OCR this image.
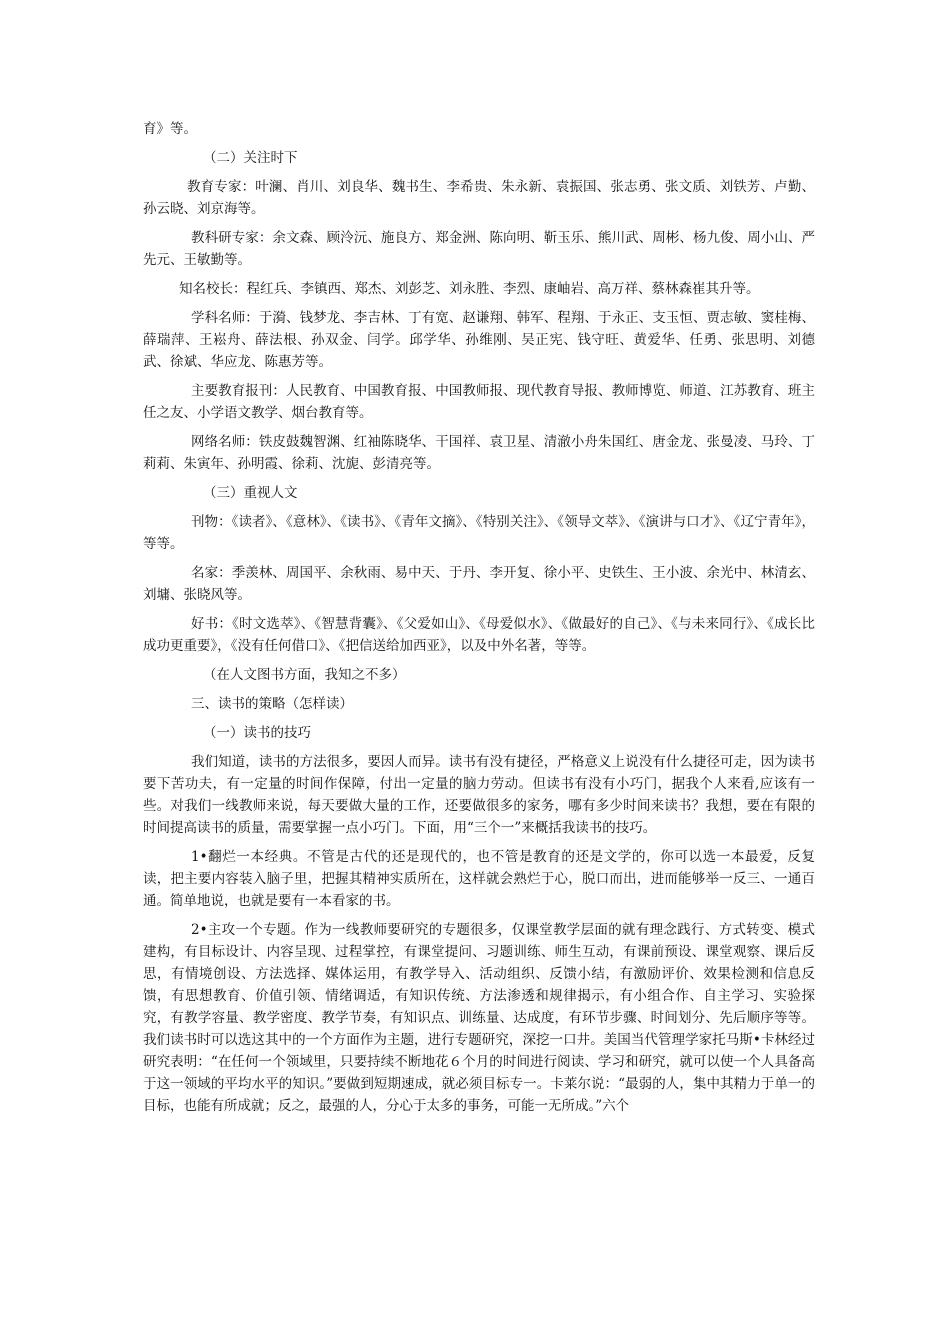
育》等。

（二）关注时下

教育专家：叶澜、肖川、刘良华、魏书生、李希贵、朱永新、袁振国、张志勇、张文质、刘铁芳、卢勤、孙云晓、刘京海等。

教科研专家：余文森、顾泠沅、施良方、郑金洲、陈向明、靳玉乐、熊川武、周彬、杨九俊、周小山、严先元、王敏勤等。

知名校长：程红兵、李镇西、郑杰、刘彭芝、刘永胜、李烈、康岫岩、高万祥、蔡林森崔其升等。

学科名师：于漪、钱梦龙、李吉林、丁有宽、赵谦翔、韩军、程翔、于永正、支玉恒、贾志敏、窦桂梅、薛瑞萍、王崧舟、薛法根、孙双金、闫学。邱学华、孙维刚、吴正宪、钱守旺、黄爱华、任勇、张思明、刘德武、徐斌、华应龙、陈惠芳等。

主要教育报刊：人民教育、中国教育报、中国教师报、现代教育导报、教师博览、师道、江苏教育、班主任之友、小学语文教学、烟台教育等。

网络名师：铁皮鼓魏智渊、红袖陈晓华、干国祥、袁卫星、清澈小舟朱国红、唐金龙、张曼凌、马玲、丁莉莉、朱寅年、孙明霞、徐莉、沈旎、彭清亮等。

（三）重视人文

刊物：《读者》、《意林》、《读书》、《青年文摘》、《特别关注》、《领导文萃》、《演讲与口才》、《辽宁青年》，等等。

名家：季羡林、周国平、余秋雨、易中天、于丹、李开复、徐小平、史铁生、王小波、余光中、林清玄、刘墉、张晓风等。

好书：《时文选萃》、《智慧背囊》、《父爱如山》、《母爱似水》、《做最好的自己》、《与未来同行》、《成长比成功更重要》，《没有任何借口》、《把信送给加西亚》，以及中外名著，等等。

（在人文图书方面，我知之不多）

三、读书的策略（怎样读）

（一）读书的技巧

我们知道，读书的方法很多，要因人而异。读书有没有捷径，严格意义上说没有什么捷径可走，因为读书要下苦功夫，有一定量的时间作保障，付出一定量的脑力劳动。但读书有没有小巧门，据我个人来看,应该有一些。对我们一线教师来说，每天要做大量的工作，还要做很多的家务，哪有多少时间来读书？我想，要在有限的时间提高读书的质量，需要掌握一点小巧门。下面，用“三个一”来概括我读书的技巧。

1•翻烂一本经典。不管是古代的还是现代的，也不管是教育的还是文学的，你可以选一本最爱，反复读，把主要内容装入脑子里，把握其精神实质所在，这样就会熟烂于心，脱口而出，进而能够举一反三、一通百通。简单地说，也就是要有一本看家的书。

2•主攻一个专题。作为一线教师要研究的专题很多，仅课堂教学层面的就有理念践行、方式转变、模式建构，有目标设计、内容呈现、过程掌控，有课堂提问、习题训练、师生互动，有课前预设、课堂观察、课后反思，有情境创设、方法选择、媒体运用，有教学导入、活动组织、反馈小结，有激励评价、效果检测和信息反馈，有思想教育、价值引领、情绪调适，有知识传统、方法渗透和规律揭示，有小组合作、自主学习、实验探究，有教学容量、教学密度、教学节奏，有知识点、训练量、达成度，有环节步骤、时间划分、先后顺序等等。我们读书时可以选这其中的一个方面作为主题，进行专题研究，深挖一口井。美国当代管理学家托马斯•卡林经过研究表明：“在任何一个领域里，只要持续不断地花６个月的时间进行阅读、学习和研究，就可以使一个人具备高于这一领域的平均水平的知识。”要做到短期速成，就必须目标专一。卡莱尔说：“最弱的人，集中其精力于单一的目标，也能有所成就；反之，最强的人，分心于太多的事务，可能一无所成。”六个
